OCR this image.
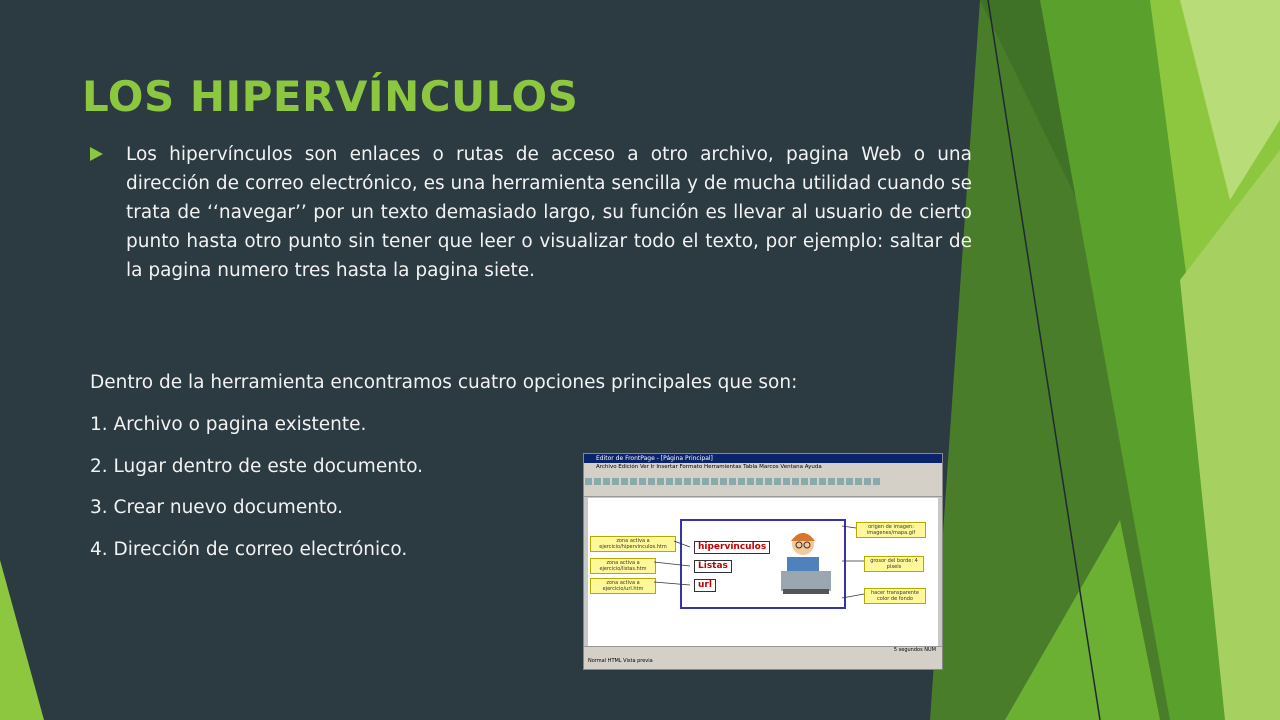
LOS HIPERVÍNCULOS

Los hipervínculos son enlaces o rutas de acceso a otro archivo, pagina Web o una dirección de correo electrónico, es una herramienta sencilla y de mucha utilidad cuando se trata de ‘‘navegar’’ por un texto demasiado largo, su función es llevar al usuario de cierto punto hasta otro punto sin tener que leer o visualizar todo el texto, por ejemplo: saltar de la pagina numero tres hasta la pagina siete.

Dentro de la herramienta encontramos cuatro opciones principales que son:

1. Archivo o pagina existente.

2. Lugar dentro de este documento.

3. Crear nuevo documento.

4. Dirección de correo electrónico.

Editor de FrontPage - [Página Principal]
Archivo Edición Ver Ir Insertar Formato Herramientas Tabla Marcos Ventana Ayuda
hipervínculos
Listas
url
zona activa a ejercicio/hipervinculos.htm
zona activa a ejercicio/listas.htm
zona activa a ejercicio/url.htm
origen de imagen: imagenes/mapa.gif
grosor del borde: 4 pixels
hacer transparente color de fondo
Normal HTML Vista previa
5 segundos NUM
